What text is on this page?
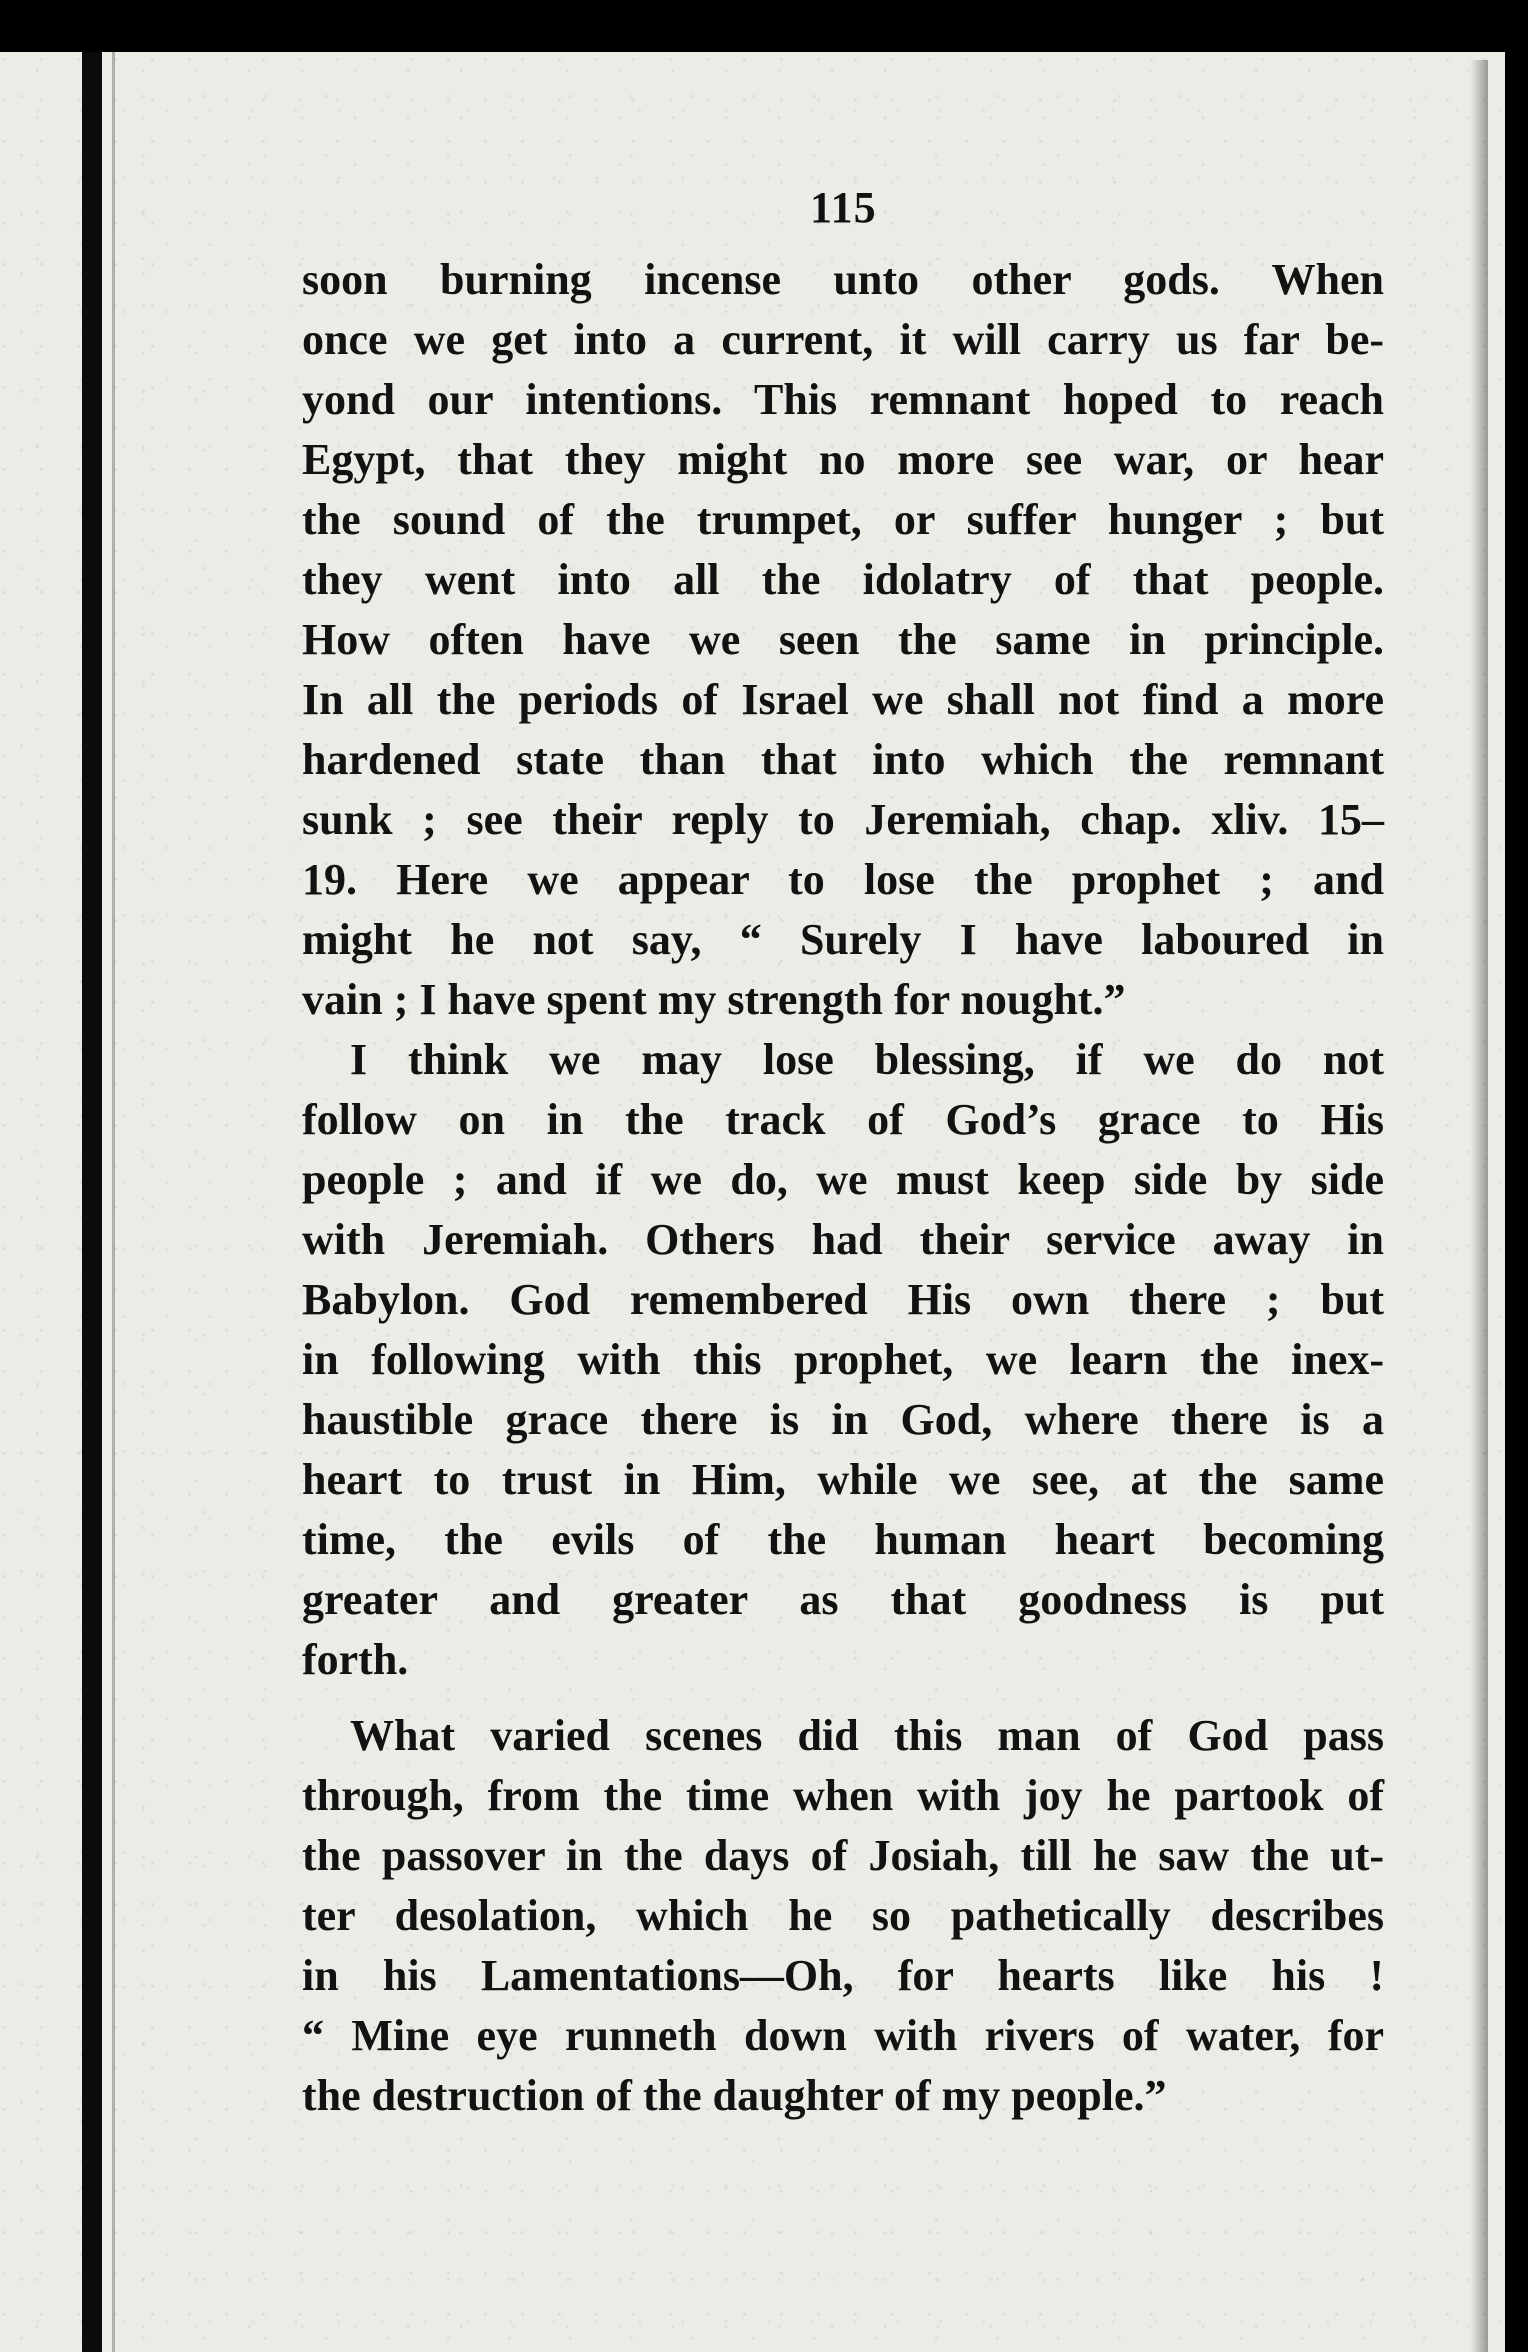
115
soon burning incense unto other gods. When
once we get into a current, it will carry us far be-
yond our intentions. This remnant hoped to reach
Egypt, that they might no more see war, or hear
the sound of the trumpet, or suffer hunger ; but
they went into all the idolatry of that people.
How often have we seen the same in principle.
In all the periods of Israel we shall not find a more
hardened state than that into which the remnant
sunk ; see their reply to Jeremiah, chap. xliv. 15–
19. Here we appear to lose the prophet ; and
might he not say, “ Surely I have laboured in
vain ; I have spent my strength for nought.”
I think we may lose blessing, if we do not
follow on in the track of God’s grace to His
people ; and if we do, we must keep side by side
with Jeremiah. Others had their service away in
Babylon. God remembered His own there ; but
in following with this prophet, we learn the inex-
haustible grace there is in God, where there is a
heart to trust in Him, while we see, at the same
time, the evils of the human heart becoming
greater and greater as that goodness is put
forth.
What varied scenes did this man of God pass
through, from the time when with joy he partook of
the passover in the days of Josiah, till he saw the ut-
ter desolation, which he so pathetically describes
in his Lamentations—Oh, for hearts like his !
“ Mine eye runneth down with rivers of water, for
the destruction of the daughter of my people.”
